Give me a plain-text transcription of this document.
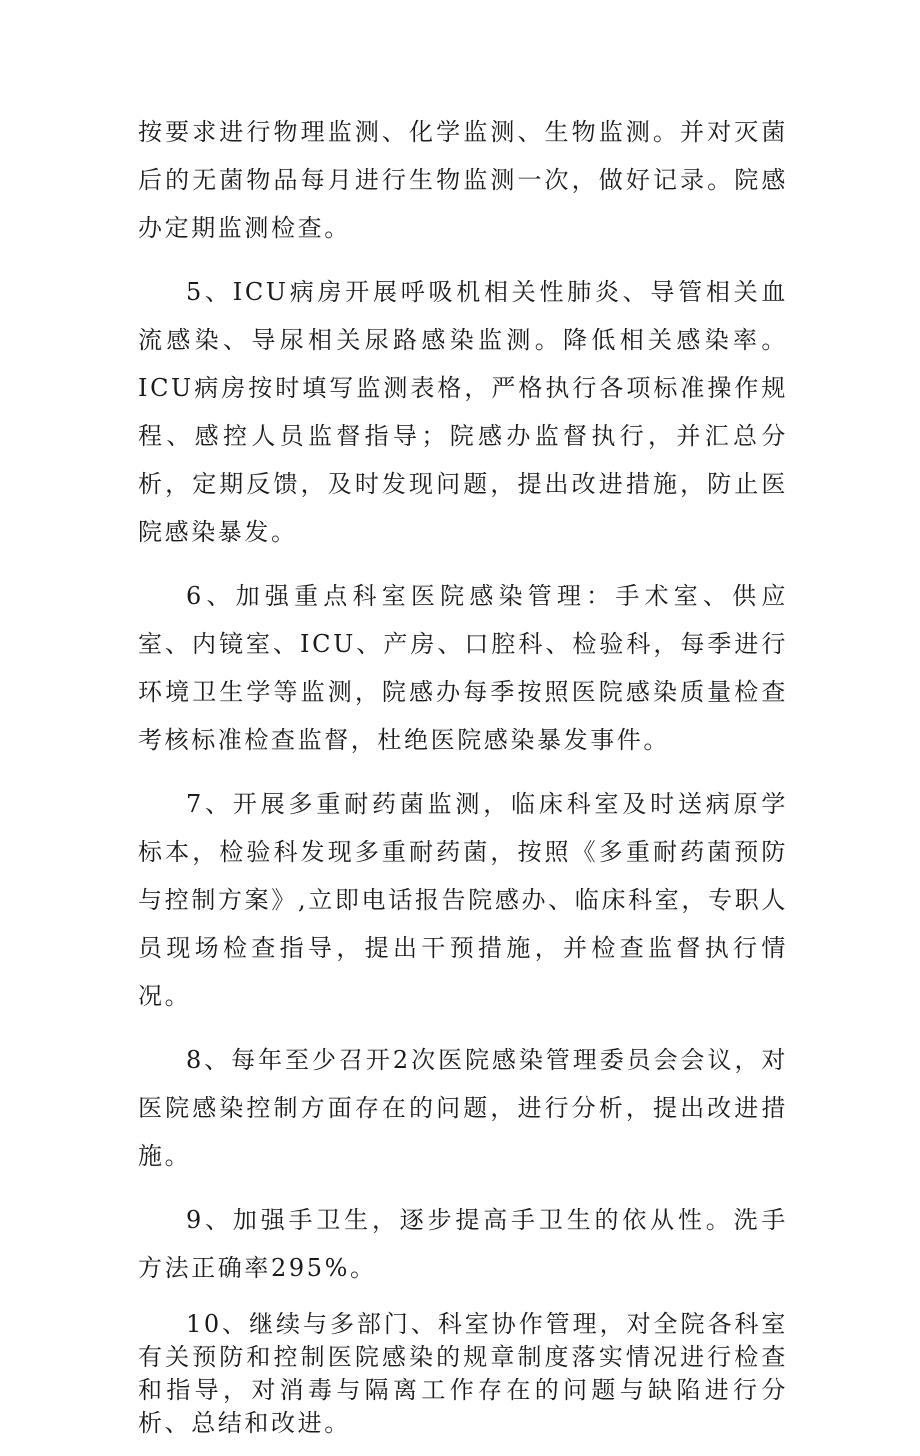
按要求进行物理监测、化学监测、生物监测。并对灭菌后的无菌物品每月进行生物监测一次，做好记录。院感办定期监测检查。

5、ICU病房开展呼吸机相关性肺炎、导管相关血流感染、导尿相关尿路感染监测。降低相关感染率。ICU病房按时填写监测表格，严格执行各项标准操作规程、感控人员监督指导；院感办监督执行，并汇总分析，定期反馈，及时发现问题，提出改进措施，防止医院感染暴发。

6、加强重点科室医院感染管理：手术室、供应室、内镜室、ICU、产房、口腔科、检验科，每季进行环境卫生学等监测，院感办每季按照医院感染质量检查考核标准检查监督，杜绝医院感染暴发事件。

7、开展多重耐药菌监测，临床科室及时送病原学标本，检验科发现多重耐药菌，按照《多重耐药菌预防与控制方案》,立即电话报告院感办、临床科室，专职人员现场检查指导，提出干预措施，并检查监督执行情况。

8、每年至少召开2次医院感染管理委员会会议，对医院感染控制方面存在的问题，进行分析，提出改进措施。

9、加强手卫生，逐步提高手卫生的依从性。洗手方法正确率295%。

10、继续与多部门、科室协作管理，对全院各科室有关预防和控制医院感染的规章制度落实情况进行检查和指导，对消毒与隔离工作存在的问题与缺陷进行分析、总结和改进。
